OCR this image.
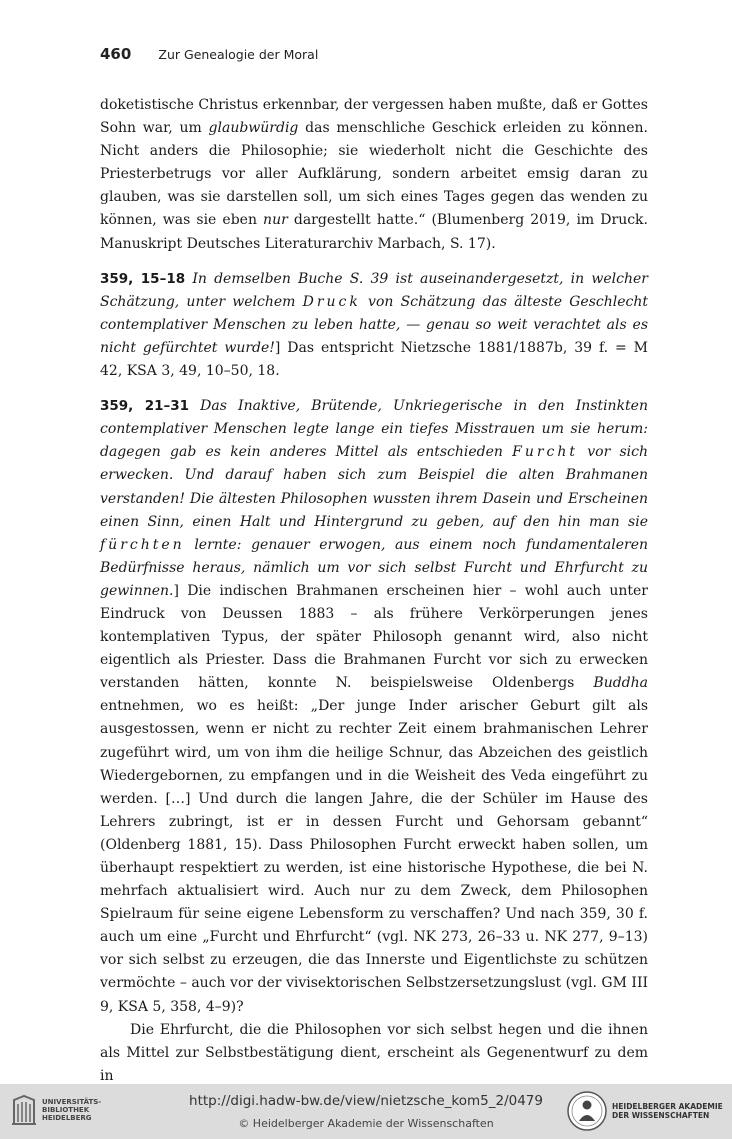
460 Zur Genealogie der Moral

doketistische Christus erkennbar, der vergessen haben mußte, daß er Gottes Sohn war, um glaubwürdig das menschliche Geschick erleiden zu können. Nicht anders die Philosophie; sie wiederholt nicht die Geschichte des Priesterbetrugs vor aller Aufklärung, sondern arbeitet emsig daran zu glauben, was sie darstellen soll, um sich eines Tages gegen das wenden zu können, was sie eben nur dargestellt hatte.“ (Blumenberg 2019, im Druck. Manuskript Deutsches Literaturarchiv Marbach, S. 17).

359, 15–18 In demselben Buche S. 39 ist auseinandergesetzt, in welcher Schätzung, unter welchem Druck von Schätzung das älteste Geschlecht contemplativer Menschen zu leben hatte, — genau so weit verachtet als es nicht gefürchtet wurde!] Das entspricht Nietzsche 1881/1887b, 39 f. = M 42, KSA 3, 49, 10–50, 18.

359, 21–31 Das Inaktive, Brütende, Unkriegerische in den Instinkten contemplativer Menschen legte lange ein tiefes Misstrauen um sie herum: dagegen gab es kein anderes Mittel als entschieden Furcht vor sich erwecken. Und darauf haben sich zum Beispiel die alten Brahmanen verstanden! Die ältesten Philosophen wussten ihrem Dasein und Erscheinen einen Sinn, einen Halt und Hintergrund zu geben, auf den hin man sie fürchten lernte: genauer erwogen, aus einem noch fundamentaleren Bedürfnisse heraus, nämlich um vor sich selbst Furcht und Ehrfurcht zu gewinnen.] Die indischen Brahmanen erscheinen hier – wohl auch unter Eindruck von Deussen 1883 – als frühere Verkörperungen jenes kontemplativen Typus, der später Philosoph genannt wird, also nicht eigentlich als Priester. Dass die Brahmanen Furcht vor sich zu erwecken verstanden hätten, konnte N. beispielsweise Oldenbergs Buddha entnehmen, wo es heißt: „Der junge Inder arischer Geburt gilt als ausgestossen, wenn er nicht zu rechter Zeit einem brahmanischen Lehrer zugeführt wird, um von ihm die heilige Schnur, das Abzeichen des geistlich Wiedergebornen, zu empfangen und in die Weisheit des Veda eingeführt zu werden. […] Und durch die langen Jahre, die der Schüler im Hause des Lehrers zubringt, ist er in dessen Furcht und Gehorsam gebannt“ (Oldenberg 1881, 15). Dass Philosophen Furcht erweckt haben sollen, um überhaupt respektiert zu werden, ist eine historische Hypothese, die bei N. mehrfach aktualisiert wird. Auch nur zu dem Zweck, dem Philosophen Spielraum für seine eigene Lebensform zu verschaffen? Und nach 359, 30 f. auch um eine „Furcht und Ehrfurcht“ (vgl. NK 273, 26–33 u. NK 277, 9–13) vor sich selbst zu erzeugen, die das Innerste und Eigentlichste zu schützen vermöchte – auch vor der vivisektorischen Selbstzersetzungslust (vgl. GM III 9, KSA 5, 358, 4–9)?

Die Ehrfurcht, die die Philosophen vor sich selbst hegen und die ihnen als Mittel zur Selbstbestätigung dient, erscheint als Gegenentwurf zu dem in

UNIVERSITÄTS-
BIBLIOTHEK
HEIDELBERG
http://digi.hadw-bw.de/view/nietzsche_kom5_2/0479
© Heidelberger Akademie der Wissenschaften
HEIDELBERGER AKADEMIE
DER WISSENSCHAFTEN
